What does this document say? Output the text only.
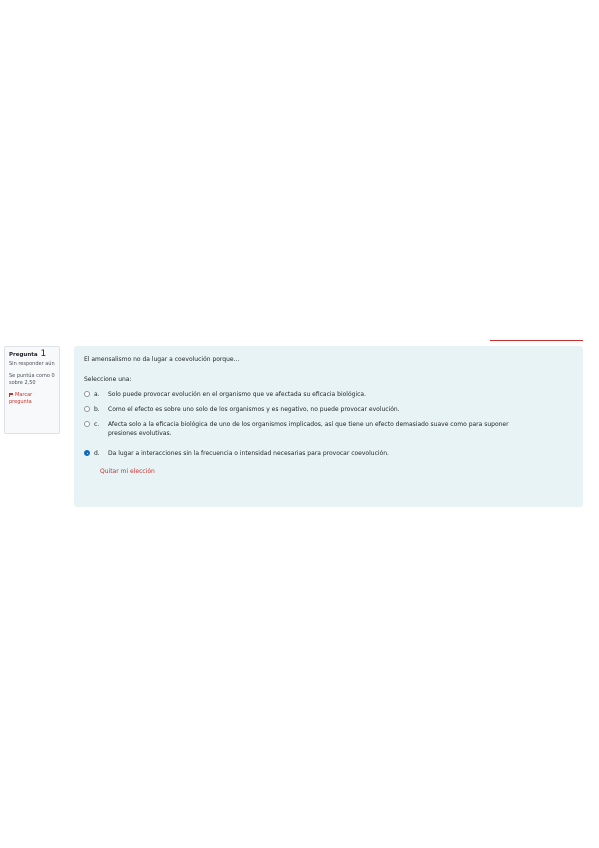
Pregunta 1
Sin responder aún
Se puntúa como 0 sobre 2,50
Marcar pregunta
El amensalismo no da lugar a coevolución porque…
Seleccione una:
a.	Solo puede provocar evolución en el organismo que ve afectada su eficacia biológica.
b.	Como el efecto es sobre uno solo de los organismos y es negativo, no puede provocar evolución.
c.	Afecta solo a la eficacia biológica de uno de los organismos implicados, así que tiene un efecto demasiado suave como para suponer presiones evolutivas.
d.	Da lugar a interacciones sin la frecuencia o intensidad necesarias para provocar coevolución.
Quitar mi elección
